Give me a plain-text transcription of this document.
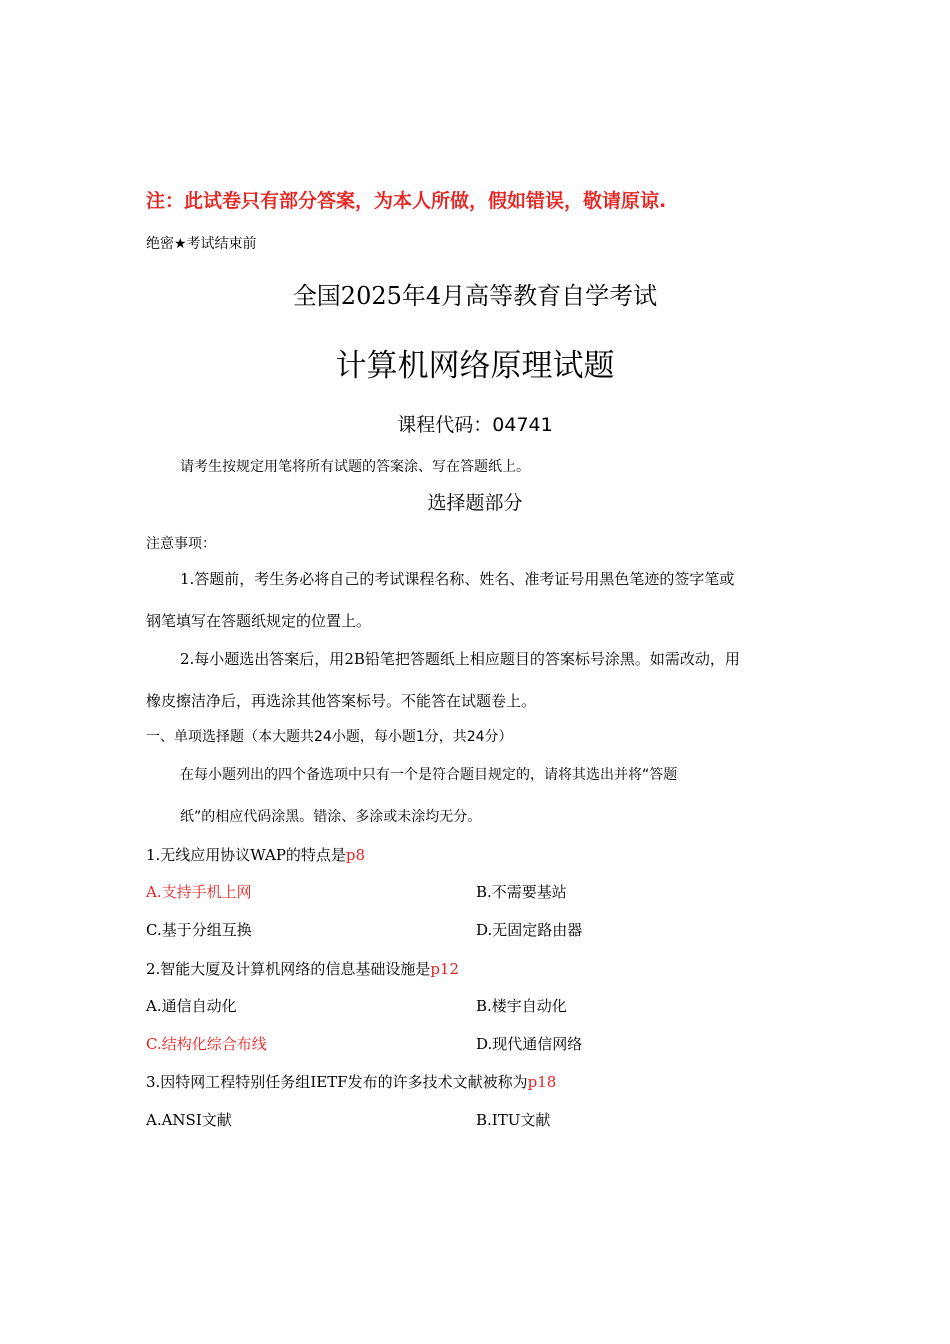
注：此试卷只有部分答案，为本人所做，假如错误，敬请原谅.
绝密★考试结束前
全国2025年4月高等教育自学考试
计算机网络原理试题
课程代码：04741
请考生按规定用笔将所有试题的答案涂、写在答题纸上。
选择题部分
注意事项：
1.答题前，考生务必将自己的考试课程名称、姓名、准考证号用黑色笔迹的签字笔或
钢笔填写在答题纸规定的位置上。
2.每小题选出答案后，用2B铅笔把答题纸上相应题目的答案标号涂黑。如需改动，用
橡皮擦洁净后，再选涂其他答案标号。不能答在试题卷上。
一、单项选择题（本大题共24小题，每小题1分，共24分）
在每小题列出的四个备选项中只有一个是符合题目规定的，请将其选出并将“答题
纸”的相应代码涂黑。错涂、多涂或未涂均无分。
1.无线应用协议WAP的特点是p8
A.支持手机上网	B.不需要基站
C.基于分组互换	D.无固定路由器
2.智能大厦及计算机网络的信息基础设施是p12
A.通信自动化	B.楼宇自动化
C.结构化综合布线	D.现代通信网络
3.因特网工程特别任务组IETF发布的许多技术文献被称为p18
A.ANSI文献	B.ITU文献
